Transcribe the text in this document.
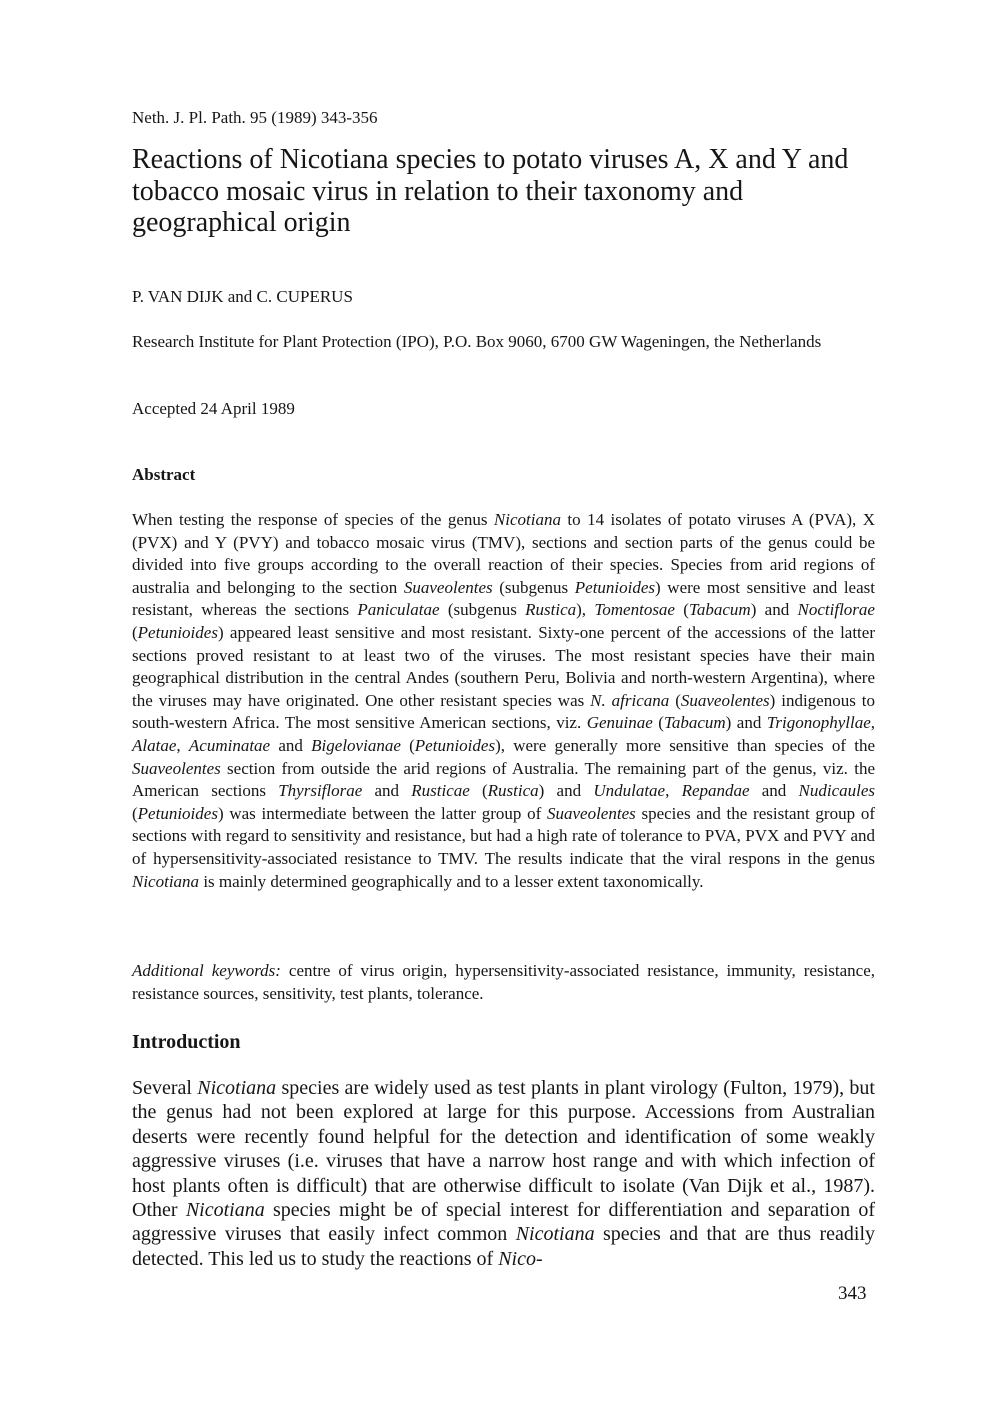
Neth. J. Pl. Path. 95 (1989) 343-356
Reactions of Nicotiana species to potato viruses A, X and Y and tobacco mosaic virus in relation to their taxonomy and geographical origin
P. VAN DIJK and C. CUPERUS
Research Institute for Plant Protection (IPO), P.O. Box 9060, 6700 GW Wageningen, the Netherlands
Accepted 24 April 1989
Abstract

When testing the response of species of the genus Nicotiana to 14 isolates of potato viruses A (PVA), X (PVX) and Y (PVY) and tobacco mosaic virus (TMV), sections and section parts of the genus could be divided into five groups according to the overall reaction of their species. Species from arid regions of australia and belonging to the section Suaveolentes (subgenus Petunioides) were most sensitive and least resistant, whereas the sections Paniculatae (subgenus Rustica), Tomentosae (Tabacum) and Noctiflorae (Petunioides) appeared least sensitive and most resistant. Sixty-one percent of the accessions of the latter sections proved resistant to at least two of the viruses. The most resistant species have their main geographical distribution in the central Andes (southern Peru, Bolivia and north-western Argentina), where the viruses may have originated. One other resistant species was N. africana (Suaveolentes) indigenous to south-western Africa. The most sensitive American sections, viz. Genuinae (Tabacum) and Trigonophyllae, Alatae, Acuminatae and Bigelovianae (Petunioides), were generally more sensitive than species of the Suaveolentes section from outside the arid regions of Australia. The remaining part of the genus, viz. the American sections Thyrsiflorae and Rusticae (Rustica) and Undulatae, Repandae and Nudicaules (Petunioides) was intermediate between the latter group of Suaveolentes species and the resistant group of sections with regard to sensitivity and resistance, but had a high rate of tolerance to PVA, PVX and PVY and of hypersensitivity-associated resistance to TMV. The results indicate that the viral respons in the genus Nicotiana is mainly determined geographically and to a lesser extent taxonomically.

Additional keywords: centre of virus origin, hypersensitivity-associated resistance, immunity, resistance, resistance sources, sensitivity, test plants, tolerance.

Introduction

Several Nicotiana species are widely used as test plants in plant virology (Fulton, 1979), but the genus had not been explored at large for this purpose. Accessions from Australian deserts were recently found helpful for the detection and identification of some weakly aggressive viruses (i.e. viruses that have a narrow host range and with which infection of host plants often is difficult) that are otherwise difficult to isolate (Van Dijk et al., 1987). Other Nicotiana species might be of special interest for differentiation and separation of aggressive viruses that easily infect common Nicotiana species and that are thus readily detected. This led us to study the reactions of Nico-

343
